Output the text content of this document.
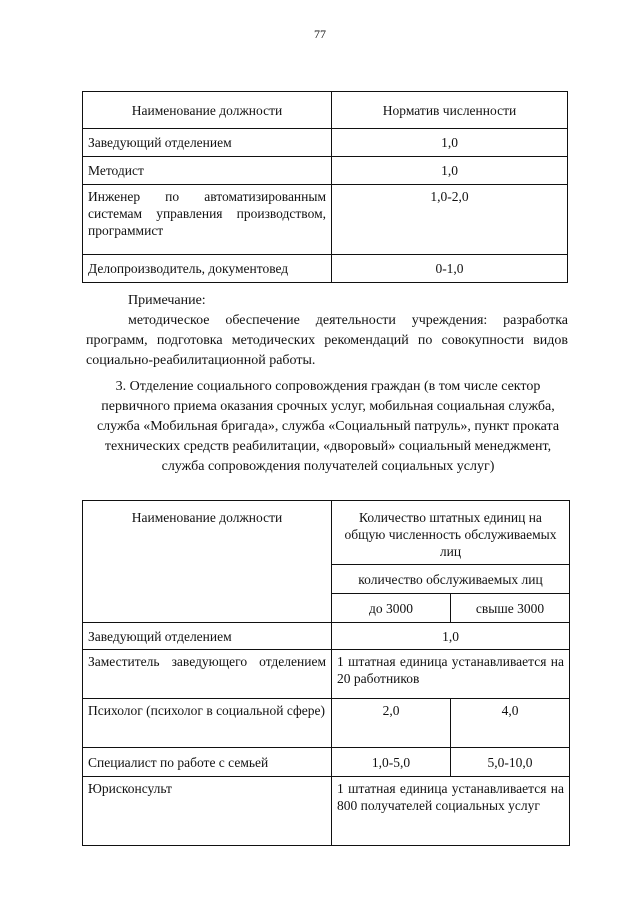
77
Наименование должности	Норматив численности
Заведующий отделением	1,0
Методист	1,0
Инженер по автоматизированным системам управления производством, программист	1,0-2,0
Делопроизводитель, документовед	0-1,0
Примечание:
методическое обеспечение деятельности учреждения: разработка программ, подготовка методических рекомендаций по совокупности видов социально-реабилитационной работы.
3. Отделение социального сопровождения граждан (в том числе сектор первичного приема оказания срочных услуг, мобильная социальная служба, служба «Мобильная бригада», служба «Социальный патруль», пункт проката технических средств реабилитации, «дворовый» социальный менеджмент, служба сопровождения получателей социальных услуг)
Наименование должности	Количество штатных единиц на общую численность обслуживаемых лиц	
	количество обслуживаемых лиц	
	до 3000	свыше 3000
Заведующий отделением	1,0	
Заместитель заведующего отделением	1 штатная единица устанавливается на 20 работников	
Психолог (психолог в социальной сфере)	2,0	4,0
Специалист по работе с семьей	1,0-5,0	5,0-10,0
Юрисконсульт	1 штатная единица устанавливается на 800 получателей социальных услуг	
